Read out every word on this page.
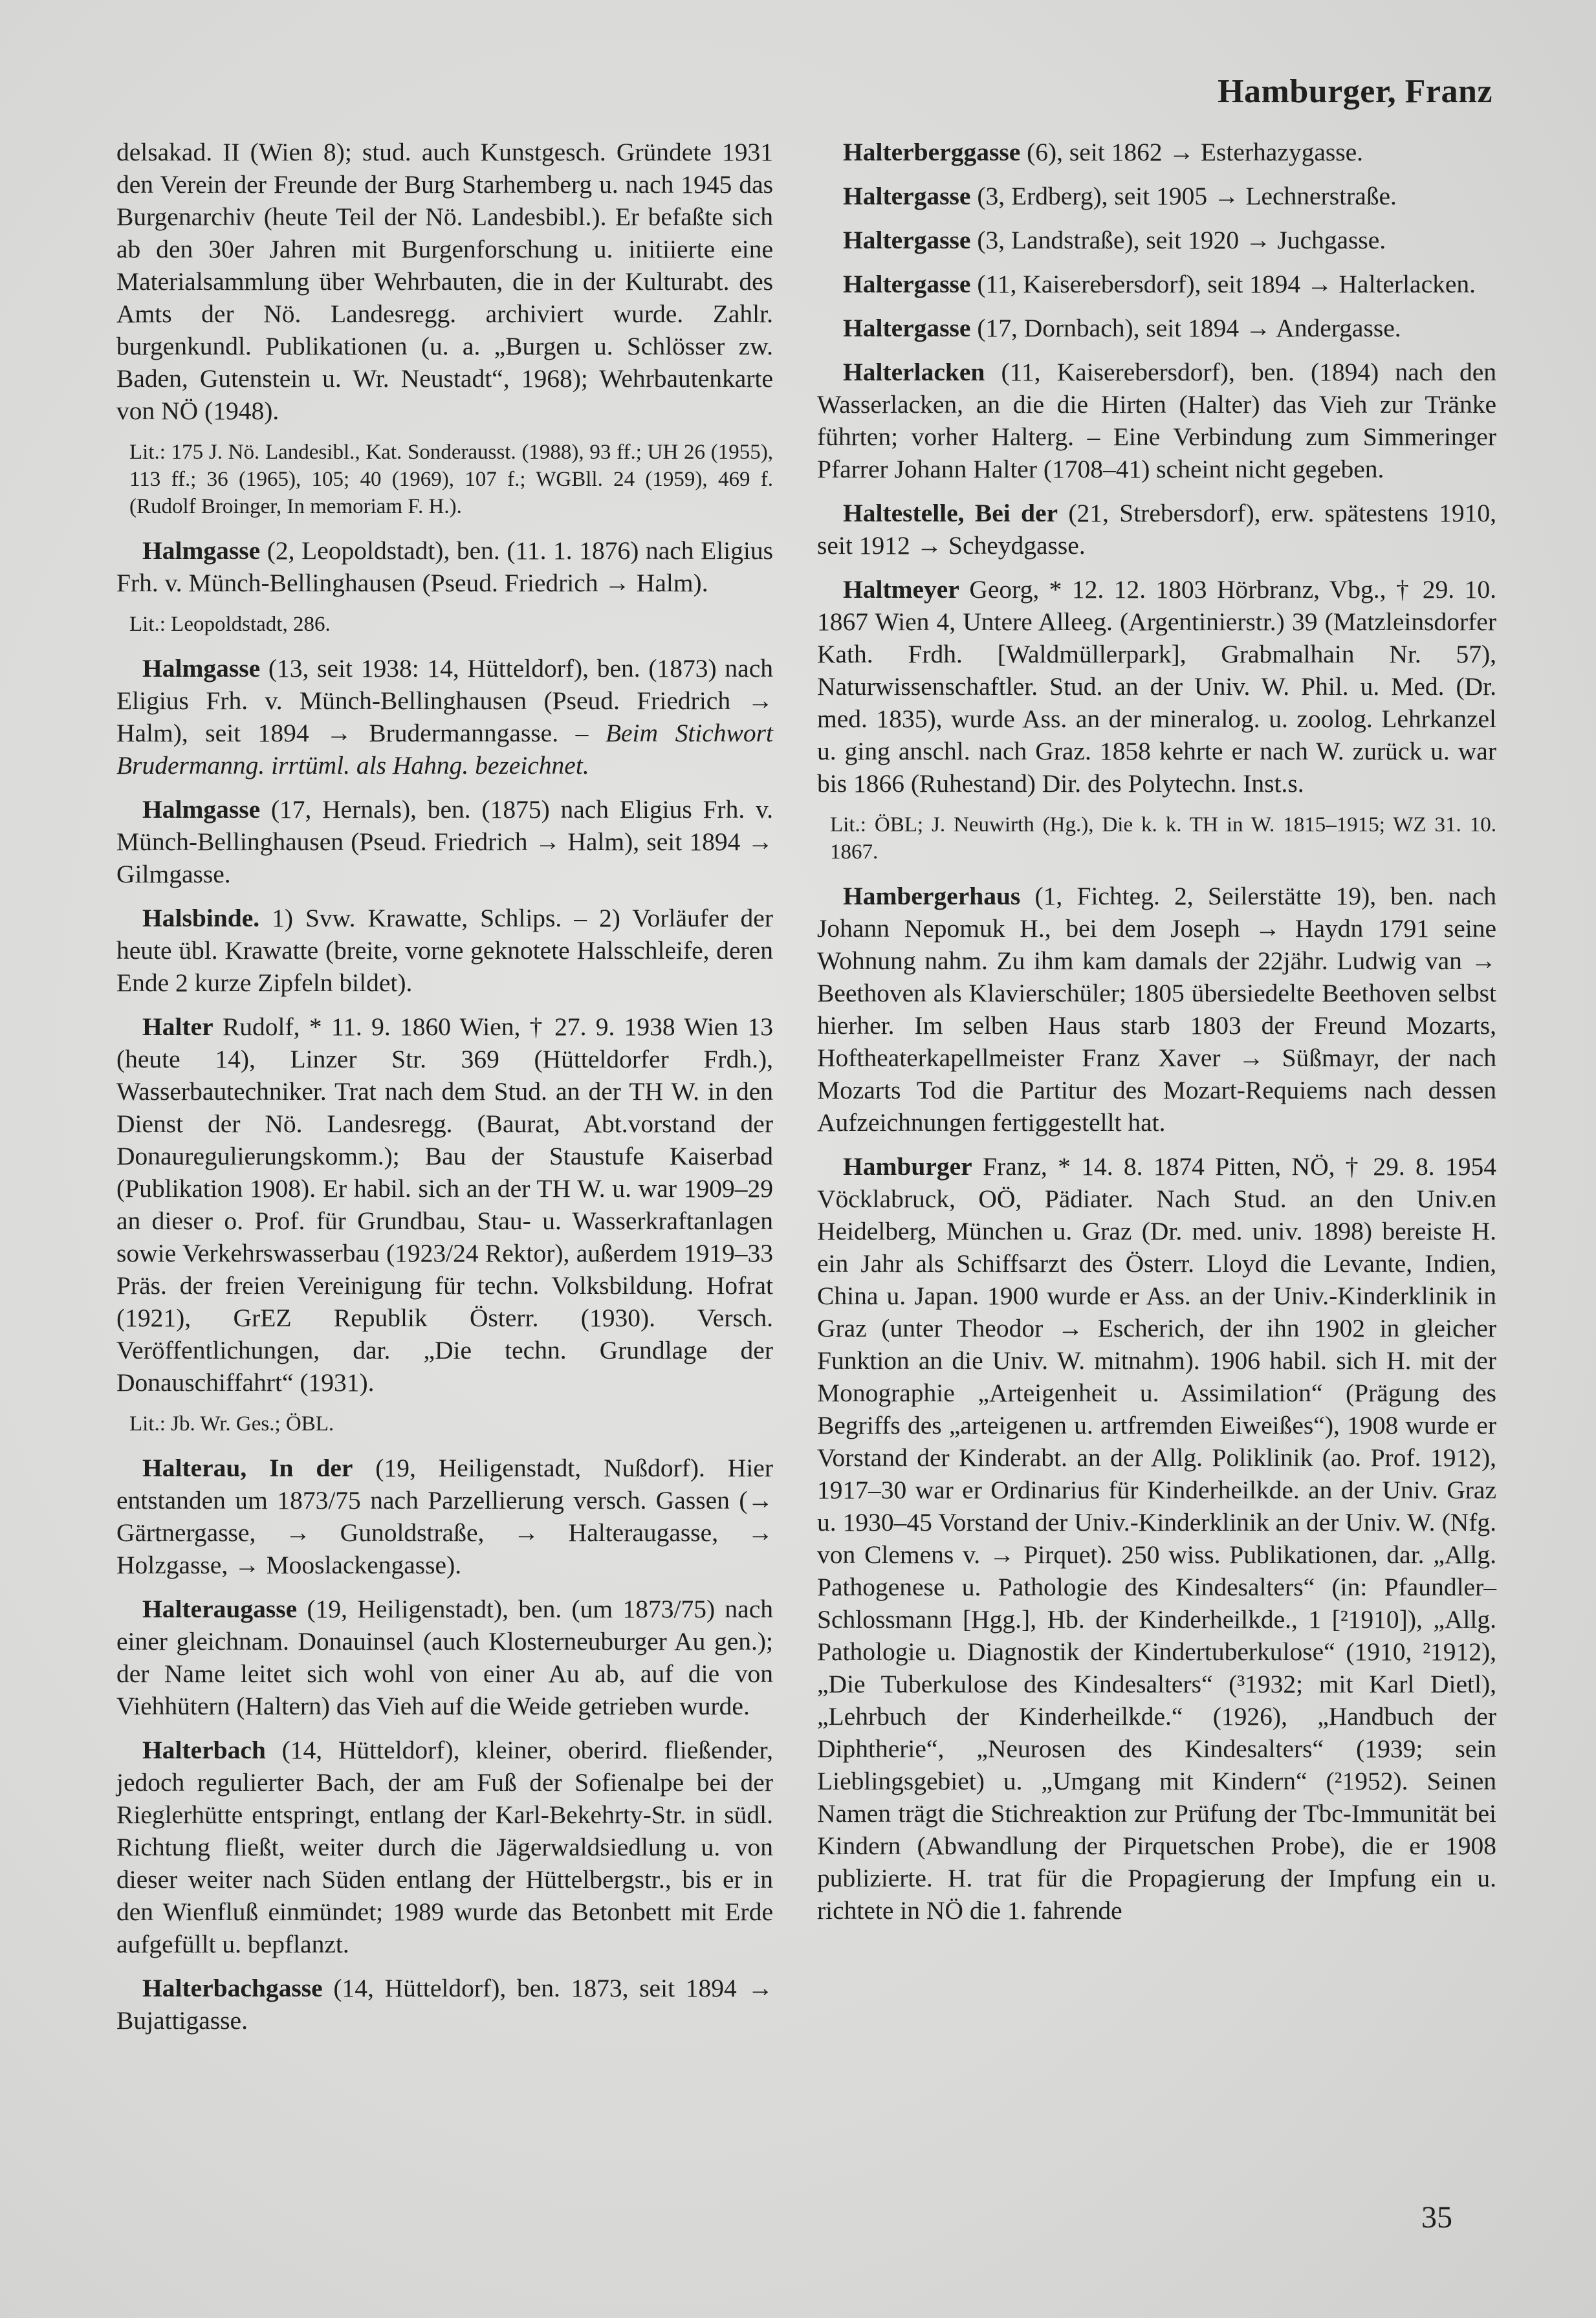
Hamburger, Franz

delsakad. II (Wien 8); stud. auch Kunstgesch. Gründete 1931 den Verein der Freunde der Burg Starhemberg u. nach 1945 das Burgenarchiv (heute Teil der Nö. Landesbibl.). Er befaßte sich ab den 30er Jahren mit Burgenforschung u. initiierte eine Materialsammlung über Wehrbauten, die in der Kulturabt. des Amts der Nö. Landesregg. archiviert wurde. Zahlr. burgenkundl. Publikationen (u. a. „Burgen u. Schlösser zw. Baden, Gutenstein u. Wr. Neustadt“, 1968); Wehrbautenkarte von NÖ (1948).

Lit.: 175 J. Nö. Landesibl., Kat. Sonderausst. (1988), 93 ff.; UH 26 (1955), 113 ff.; 36 (1965), 105; 40 (1969), 107 f.; WGBll. 24 (1959), 469 f. (Rudolf Broinger, In memoriam F. H.).

Halmgasse (2, Leopoldstadt), ben. (11. 1. 1876) nach Eligius Frh. v. Münch-Bellinghausen (Pseud. Friedrich → Halm).

Lit.: Leopoldstadt, 286.

Halmgasse (13, seit 1938: 14, Hütteldorf), ben. (1873) nach Eligius Frh. v. Münch-Bellinghausen (Pseud. Friedrich → Halm), seit 1894 → Brudermanngasse. – Beim Stichwort Brudermanng. irrtüml. als Hahng. bezeichnet.

Halmgasse (17, Hernals), ben. (1875) nach Eligius Frh. v. Münch-Bellinghausen (Pseud. Friedrich → Halm), seit 1894 → Gilmgasse.

Halsbinde. 1) Svw. Krawatte, Schlips. – 2) Vorläufer der heute übl. Krawatte (breite, vorne geknotete Halsschleife, deren Ende 2 kurze Zipfeln bildet).

Halter Rudolf, * 11. 9. 1860 Wien, † 27. 9. 1938 Wien 13 (heute 14), Linzer Str. 369 (Hütteldorfer Frdh.), Wasserbautechniker. Trat nach dem Stud. an der TH W. in den Dienst der Nö. Landesregg. (Baurat, Abt.vorstand der Donauregulierungskomm.); Bau der Staustufe Kaiserbad (Publikation 1908). Er habil. sich an der TH W. u. war 1909–29 an dieser o. Prof. für Grundbau, Stau- u. Wasserkraftanlagen sowie Verkehrswasserbau (1923/24 Rektor), außerdem 1919–33 Präs. der freien Vereinigung für techn. Volksbildung. Hofrat (1921), GrEZ Republik Österr. (1930). Versch. Veröffentlichungen, dar. „Die techn. Grundlage der Donauschiffahrt“ (1931).

Lit.: Jb. Wr. Ges.; ÖBL.

Halterau, In der (19, Heiligenstadt, Nußdorf). Hier entstanden um 1873/75 nach Parzellierung versch. Gassen (→ Gärtnergasse, → Gunoldstraße, → Halteraugasse, → Holzgasse, → Mooslackengasse).

Halteraugasse (19, Heiligenstadt), ben. (um 1873/75) nach einer gleichnam. Donauinsel (auch Klosterneuburger Au gen.); der Name leitet sich wohl von einer Au ab, auf die von Viehhütern (Haltern) das Vieh auf die Weide getrieben wurde.

Halterbach (14, Hütteldorf), kleiner, oberird. fließender, jedoch regulierter Bach, der am Fuß der Sofienalpe bei der Rieglerhütte entspringt, entlang der Karl-Bekehrty-Str. in südl. Richtung fließt, weiter durch die Jägerwaldsiedlung u. von dieser weiter nach Süden entlang der Hüttelbergstr., bis er in den Wienfluß einmündet; 1989 wurde das Betonbett mit Erde aufgefüllt u. bepflanzt.

Halterbachgasse (14, Hütteldorf), ben. 1873, seit 1894 → Bujattigasse.

Halterberggasse (6), seit 1862 → Esterhazygasse.

Haltergasse (3, Erdberg), seit 1905 → Lechnerstraße.

Haltergasse (3, Landstraße), seit 1920 → Juchgasse.

Haltergasse (11, Kaiserebersdorf), seit 1894 → Halterlacken.

Haltergasse (17, Dornbach), seit 1894 → Andergasse.

Halterlacken (11, Kaiserebersdorf), ben. (1894) nach den Wasserlacken, an die die Hirten (Halter) das Vieh zur Tränke führten; vorher Halterg. – Eine Verbindung zum Simmeringer Pfarrer Johann Halter (1708–41) scheint nicht gegeben.

Haltestelle, Bei der (21, Strebersdorf), erw. spätestens 1910, seit 1912 → Scheydgasse.

Haltmeyer Georg, * 12. 12. 1803 Hörbranz, Vbg., † 29. 10. 1867 Wien 4, Untere Alleeg. (Argentinierstr.) 39 (Matzleinsdorfer Kath. Frdh. [Waldmüllerpark], Grabmalhain Nr. 57), Naturwissenschaftler. Stud. an der Univ. W. Phil. u. Med. (Dr. med. 1835), wurde Ass. an der mineralog. u. zoolog. Lehrkanzel u. ging anschl. nach Graz. 1858 kehrte er nach W. zurück u. war bis 1866 (Ruhestand) Dir. des Polytechn. Inst.s.

Lit.: ÖBL; J. Neuwirth (Hg.), Die k. k. TH in W. 1815–1915; WZ 31. 10. 1867.

Hambergerhaus (1, Fichteg. 2, Seilerstätte 19), ben. nach Johann Nepomuk H., bei dem Joseph → Haydn 1791 seine Wohnung nahm. Zu ihm kam damals der 22jähr. Ludwig van → Beethoven als Klavierschüler; 1805 übersiedelte Beethoven selbst hierher. Im selben Haus starb 1803 der Freund Mozarts, Hoftheaterkapellmeister Franz Xaver → Süßmayr, der nach Mozarts Tod die Partitur des Mozart-Requiems nach dessen Aufzeichnungen fertiggestellt hat.

Hamburger Franz, * 14. 8. 1874 Pitten, NÖ, † 29. 8. 1954 Vöcklabruck, OÖ, Pädiater. Nach Stud. an den Univ.en Heidelberg, München u. Graz (Dr. med. univ. 1898) bereiste H. ein Jahr als Schiffsarzt des Österr. Lloyd die Levante, Indien, China u. Japan. 1900 wurde er Ass. an der Univ.-Kinderklinik in Graz (unter Theodor → Escherich, der ihn 1902 in gleicher Funktion an die Univ. W. mitnahm). 1906 habil. sich H. mit der Monographie „Arteigenheit u. Assimilation“ (Prägung des Begriffs des „arteigenen u. artfremden Eiweißes“), 1908 wurde er Vorstand der Kinderabt. an der Allg. Poliklinik (ao. Prof. 1912), 1917–30 war er Ordinarius für Kinderheilkde. an der Univ. Graz u. 1930–45 Vorstand der Univ.-Kinderklinik an der Univ. W. (Nfg. von Clemens v. → Pirquet). 250 wiss. Publikationen, dar. „Allg. Pathogenese u. Pathologie des Kindesalters“ (in: Pfaundler–Schlossmann [Hgg.], Hb. der Kinderheilkde., 1 [²1910]), „Allg. Pathologie u. Diagnostik der Kindertuberkulose“ (1910, ²1912), „Die Tuberkulose des Kindesalters“ (³1932; mit Karl Dietl), „Lehrbuch der Kinderheilkde.“ (1926), „Handbuch der Diphtherie“, „Neurosen des Kindesalters“ (1939; sein Lieblingsgebiet) u. „Umgang mit Kindern“ (²1952). Seinen Namen trägt die Stichreaktion zur Prüfung der Tbc-Immunität bei Kindern (Abwandlung der Pirquetschen Probe), die er 1908 publizierte. H. trat für die Propagierung der Impfung ein u. richtete in NÖ die 1. fahrende

35
